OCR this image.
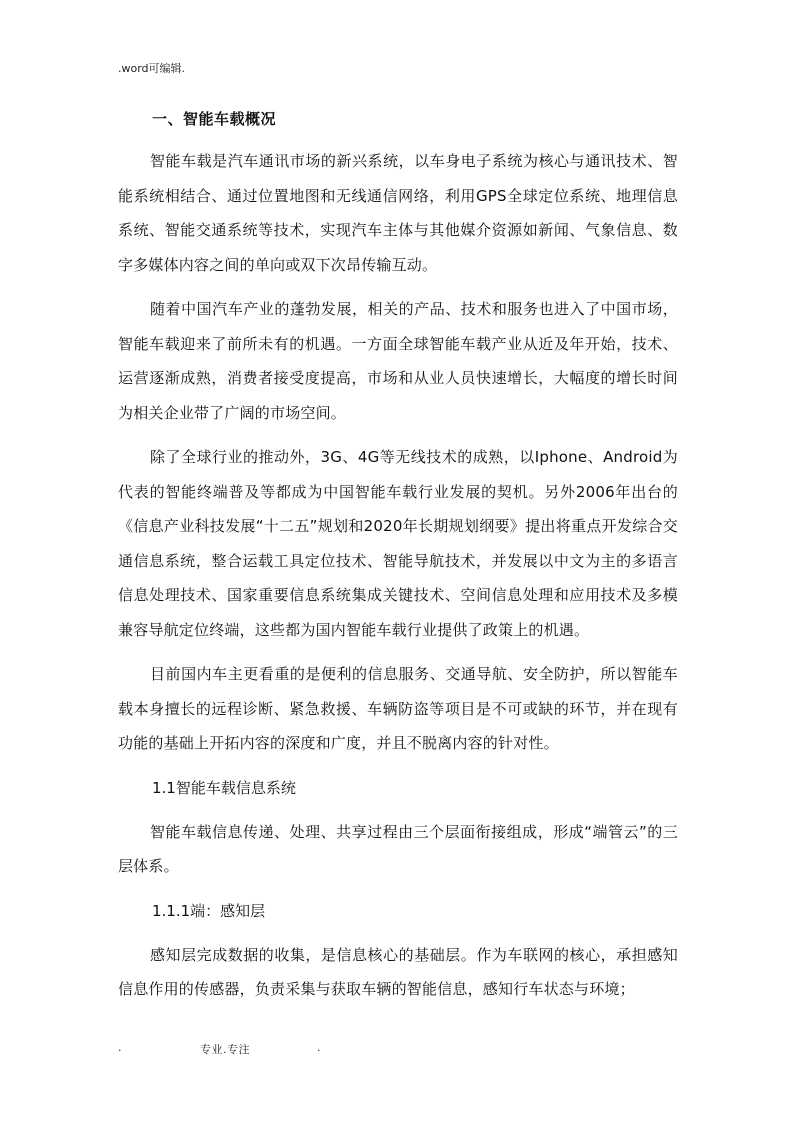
.word可编辑.
一、智能车载概况

智能车载是汽车通讯市场的新兴系统，以车身电子系统为核心与通讯技术、智能系统相结合、通过位置地图和无线通信网络，利用GPS全球定位系统、地理信息系统、智能交通系统等技术，实现汽车主体与其他媒介资源如新闻、气象信息、数字多媒体内容之间的单向或双下次昂传输互动。

随着中国汽车产业的蓬勃发展，相关的产品、技术和服务也进入了中国市场，智能车载迎来了前所未有的机遇。一方面全球智能车载产业从近及年开始，技术、运营逐渐成熟，消费者接受度提高，市场和从业人员快速增长，大幅度的增长时间为相关企业带了广阔的市场空间。

除了全球行业的推动外，3G、4G等无线技术的成熟，以Iphone、Android为代表的智能终端普及等都成为中国智能车载行业发展的契机。另外2006年出台的《信息产业科技发展“十二五”规划和2020年长期规划纲要》提出将重点开发综合交通信息系统，整合运载工具定位技术、智能导航技术，并发展以中文为主的多语言信息处理技术、国家重要信息系统集成关键技术、空间信息处理和应用技术及多模兼容导航定位终端，这些都为国内智能车载行业提供了政策上的机遇。

目前国内车主更看重的是便利的信息服务、交通导航、安全防护，所以智能车载本身擅长的远程诊断、紧急救援、车辆防盗等项目是不可或缺的环节，并在现有功能的基础上开拓内容的深度和广度，并且不脱离内容的针对性。

1.1智能车载信息系统

智能车载信息传递、处理、共享过程由三个层面衔接组成，形成“端管云”的三层体系。

1.1.1端：感知层

感知层完成数据的收集，是信息核心的基础层。作为车联网的核心，承担感知信息作用的传感器，负责采集与获取车辆的智能信息，感知行车状态与环境；

.	专业.专注	.
